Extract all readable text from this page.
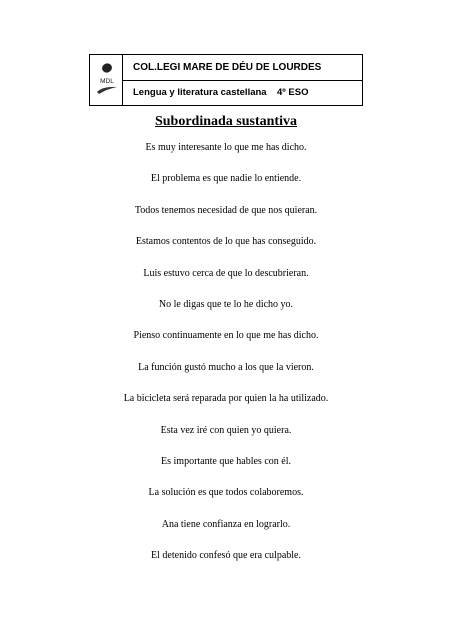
MDL
COL.LEGI MARE DE DÉU DE LOURDES
Lengua y literatura castellana 4º ESO
Subordinada sustantiva
Es muy interesante lo que me has dicho.
El problema es que nadie lo entiende.
Todos tenemos necesidad de que nos quieran.
Estamos contentos de lo que has conseguido.
Luis estuvo cerca de que lo descubrieran.
No le digas que te lo he dicho yo.
Pienso continuamente en lo que me has dicho.
La función gustó mucho a los que la vieron.
La bicicleta será reparada por quien la ha utilizado.
Esta vez iré con quien yo quiera.
Es importante que hables con él.
La solución es que todos colaboremos.
Ana tiene confianza en lograrlo.
El detenido confesó que era culpable.
